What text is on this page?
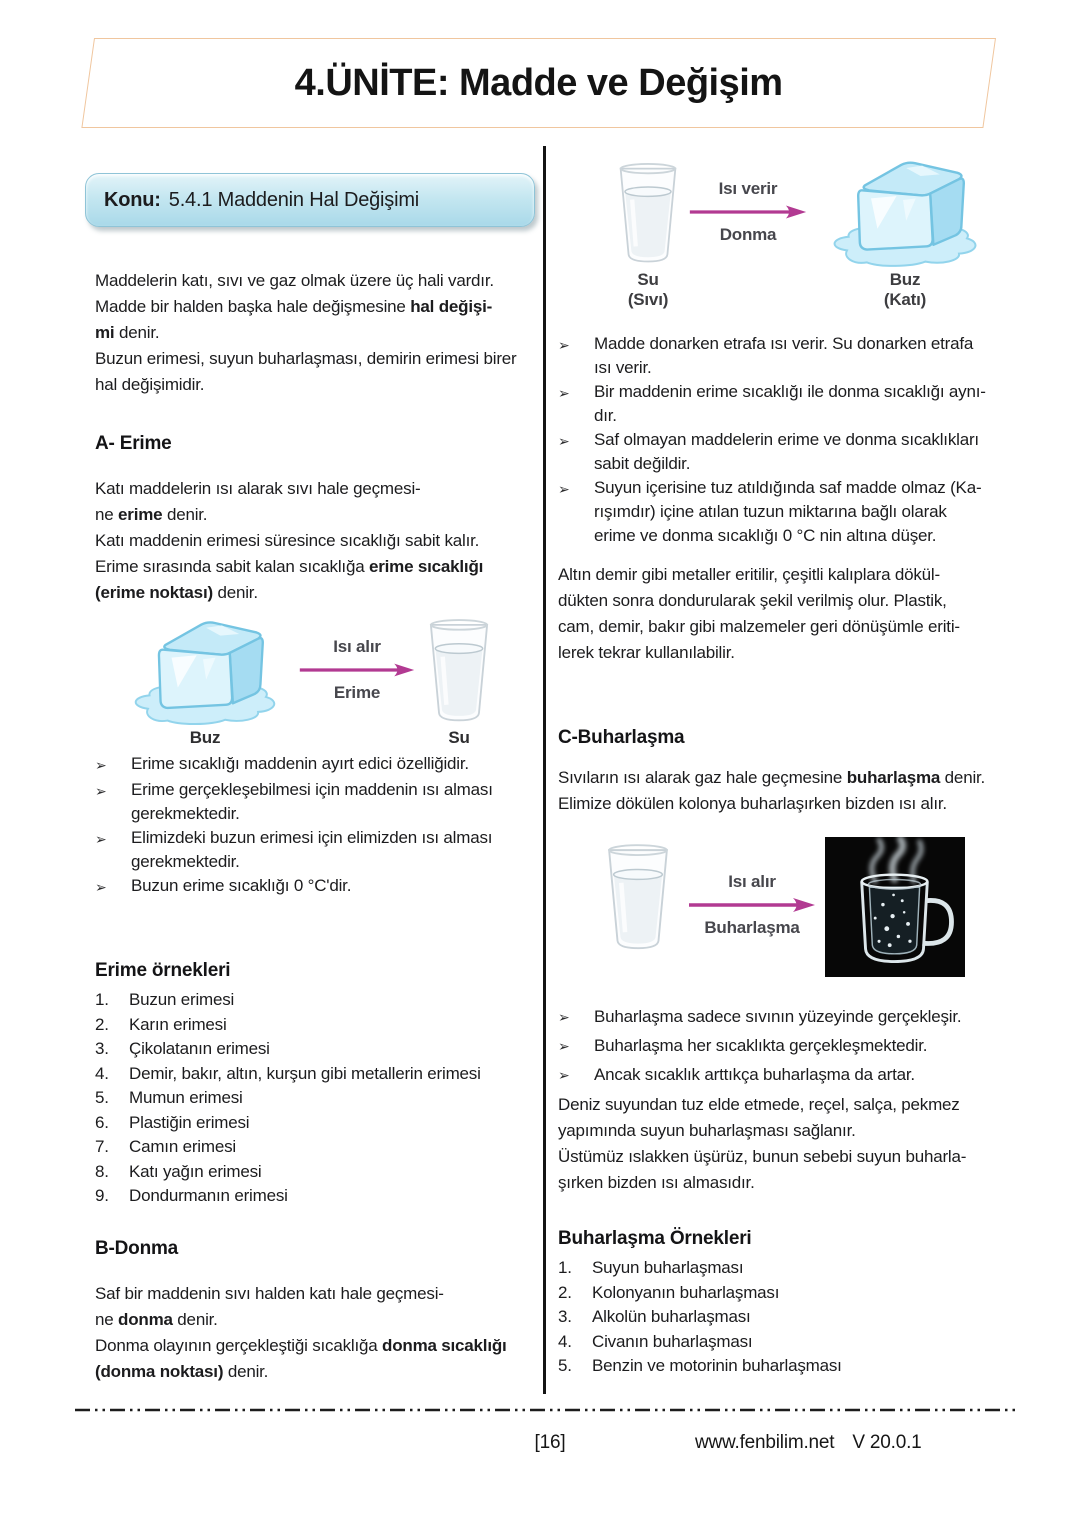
4.ÜNİTE: Madde ve Değişim
Konu: 5.4.1 Maddenin Hal Değişimi
Maddelerin katı, sıvı ve gaz olmak üzere üç hali vardır.
Madde bir halden başka hale değişmesine hal değişi-
mi denir.
Buzun erimesi, suyun buharlaşması, demirin erimesi birer
hal değişimidir.
A- Erime
Katı maddelerin ısı alarak sıvı hale geçmesi-
ne erime denir.
Katı maddenin erimesi süresince sıcaklığı sabit kalır.
Erime sırasında sabit kalan sıcaklığa erime sıcaklığı
(erime noktası) denir.
Buz
Isı alır
Erime
Su
➢	Erime sıcaklığı maddenin ayırt edici özelliğidir.
➢	Erime gerçekleşebilmesi için maddenin ısı alması
gerekmektedir.
➢	Elimizdeki buzun erimesi için elimizden ısı alması
gerekmektedir.
➢	Buzun erime sıcaklığı 0 °C'dir.
Erime örnekleri
Buzun erimesi
Karın erimesi
Çikolatanın erimesi
Demir, bakır, altın, kurşun gibi metallerin erimesi
Mumun erimesi
Plastiğin erimesi
Camın erimesi
Katı yağın erimesi
Dondurmanın erimesi
B-Donma
Saf bir maddenin sıvı halden katı hale geçmesi-
ne donma denir.
Donma olayının gerçekleştiği sıcaklığa donma sıcaklığı
(donma noktası) denir.
Su
(Sıvı)
Isı verir
Donma
Buz
(Katı)
➢	Madde donarken etrafa ısı verir. Su donarken etrafa
ısı verir.
➢	Bir maddenin erime sıcaklığı ile donma sıcaklığı aynı-
dır.
➢	Saf olmayan maddelerin erime ve donma sıcaklıkları
sabit değildir.
➢	Suyun içerisine tuz atıldığında saf madde olmaz (Ka-
rışımdır) içine atılan tuzun miktarına bağlı olarak
erime ve donma sıcaklığı 0 °C nin altına düşer.
Altın demir gibi metaller eritilir, çeşitli kalıplara dökül-
dükten sonra dondurularak şekil verilmiş olur. Plastik,
cam, demir, bakır gibi malzemeler geri dönüşümle eriti-
lerek tekrar kullanılabilir.
C-Buharlaşma
Sıvıların ısı alarak gaz hale geçmesine buharlaşma denir.
Elimize dökülen kolonya buharlaşırken bizden ısı alır.
Isı alır
Buharlaşma
➢	Buharlaşma sadece sıvının yüzeyinde gerçekleşir.
➢	Buharlaşma her sıcaklıkta gerçekleşmektedir.
➢	Ancak sıcaklık arttıkça buharlaşma da artar.
Deniz suyundan tuz elde etmede, reçel, salça, pekmez
yapımında suyun buharlaşması sağlanır.
Üstümüz ıslakken üşürüz, bunun sebebi suyun buharla-
şırken bizden ısı almasıdır.
Buharlaşma Örnekleri
Suyun buharlaşması
Kolonyanın buharlaşması
Alkolün buharlaşması
Civanın buharlaşması
Benzin ve motorinin buharlaşması
[16]	www.fenbilim.net V 20.0.1
